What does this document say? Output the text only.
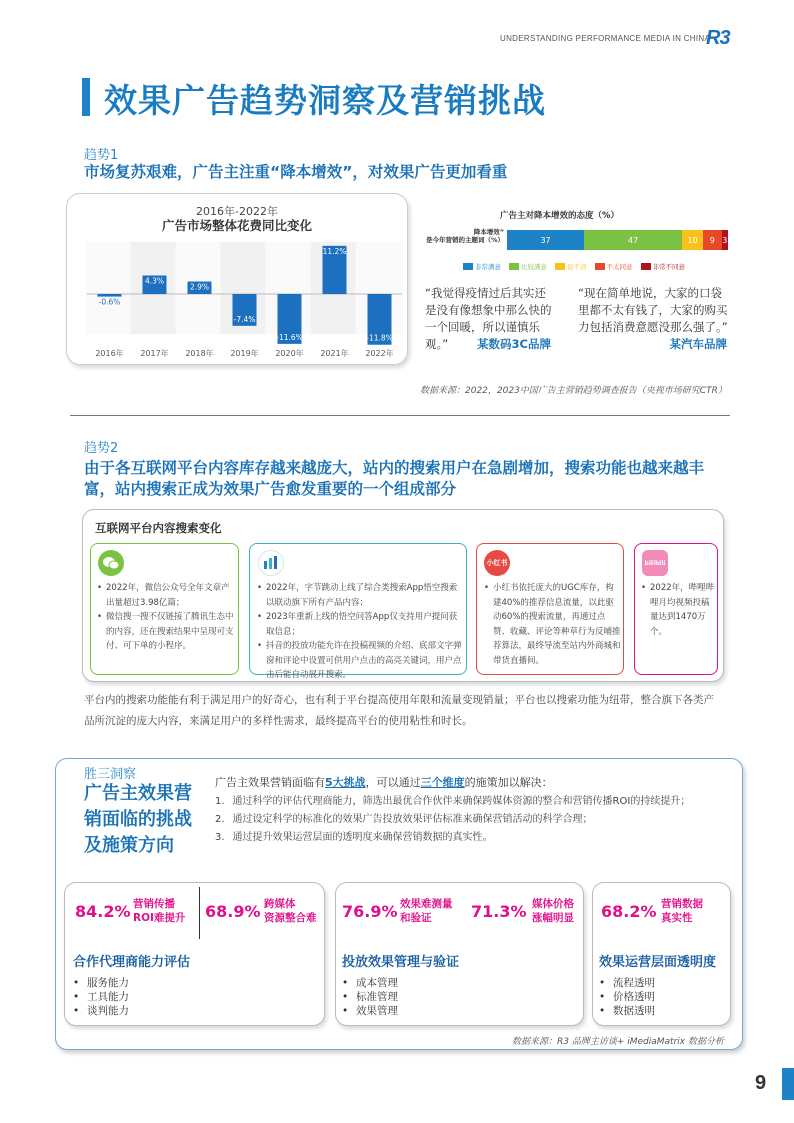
UNDERSTANDING PERFORMANCE MEDIA IN CHINA
R3
效果广告趋势洞察及营销挑战
趋势1
市场复苏艰难，广告主注重“降本增效”，对效果广告更加看重
2016年-2022年
广告市场整体花费同比变化
-0.6%
2016年
4.3%
2017年
2.9%
2018年
-7.4%
2019年
-11.6%
2020年
11.2%
2021年
-11.8%
2022年
广告主对降本增效的态度（%）
降本增效”
是今年营销的主题词（%）	37	47	10	9 3
非常满意	比较满意	说不清	不太同意	非常不同意
“我觉得疫情过后其实还是没有像想象中那么快的一个回暖，所以谨慎乐观。”	某数码3C品牌
“现在简单地说，大家的口袋里都不太有钱了，大家的购买力包括消费意愿没那么强了。”
某汽车品牌
数据来源：2022，2023中国广告主营销趋势调查报告（央视市场研究CTR）
趋势2
由于各互联网平台内容库存越来越庞大，站内的搜索用户在急剧增加，搜索功能也越来越丰
富，站内搜索正成为效果广告愈发重要的一个组成部分
互联网平台内容搜索变化
• 2022年，微信公众号全年文章产出量超过3.98亿篇；
• 微信搜一搜不仅链接了腾讯生态中的内容，还在搜索结果中呈现可支付、可下单的小程序。
• 2022年，字节跳动上线了综合类搜索App悟空搜索以联动旗下所有产品内容；
• 2023年重新上线的悟空问答App仅支持用户提问获取信息；
• 抖音的投放功能允许在投稿视频的介绍、底部文字弹窗和评论中设置可供用户点击的高亮关键词，用户点击后能自动展开搜索。
小红书
• 小红书依托庞大的UGC库存，构建40%的推荐信息流量，以此驱动60%的搜索流量，再通过点赞、收藏、评论等种草行为反哺推荐算法，最终导流至站内外商城和带货直播间。
bilibili
• 2022年，哔哩哔哩月均视频投稿量达到1470万个。
平台内的搜索功能能有利于满足用户的好奇心，也有利于平台提高使用年限和流量变现销量；平台也以搜索功能为纽带，整合旗下各类产品所沉淀的庞大内容，来满足用户的多样性需求，最终提高平台的使用粘性和时长。
胜三洞察
广告主效果营
销面临的挑战
及施策方向
广告主效果营销面临有5大挑战，可以通过三个维度的施策加以解决：
1. 通过科学的评估代理商能力，筛选出最优合作伙伴来确保跨媒体资源的整合和营销传播ROI的持续提升；
2. 通过设定科学的标准化的效果广告投放效果评估标准来确保营销活动的科学合理；
3. 通过提升效果运营层面的透明度来确保营销数据的真实性。
84.2% 营销传播
ROI难提升 68.9% 跨媒体
资源整合难
合作代理商能力评估
• 服务能力
• 工具能力
• 谈判能力
76.9% 效果难测量
和验证	71.3% 媒体价格
涨幅明显
投放效果管理与验证
• 成本管理
• 标准管理
• 效果管理
68.2% 营销数据
真实性
效果运营层面透明度
• 流程透明
• 价格透明
• 数据透明
数据来源：R3 品牌主访谈+ iMediaMatrix 数据分析
9
